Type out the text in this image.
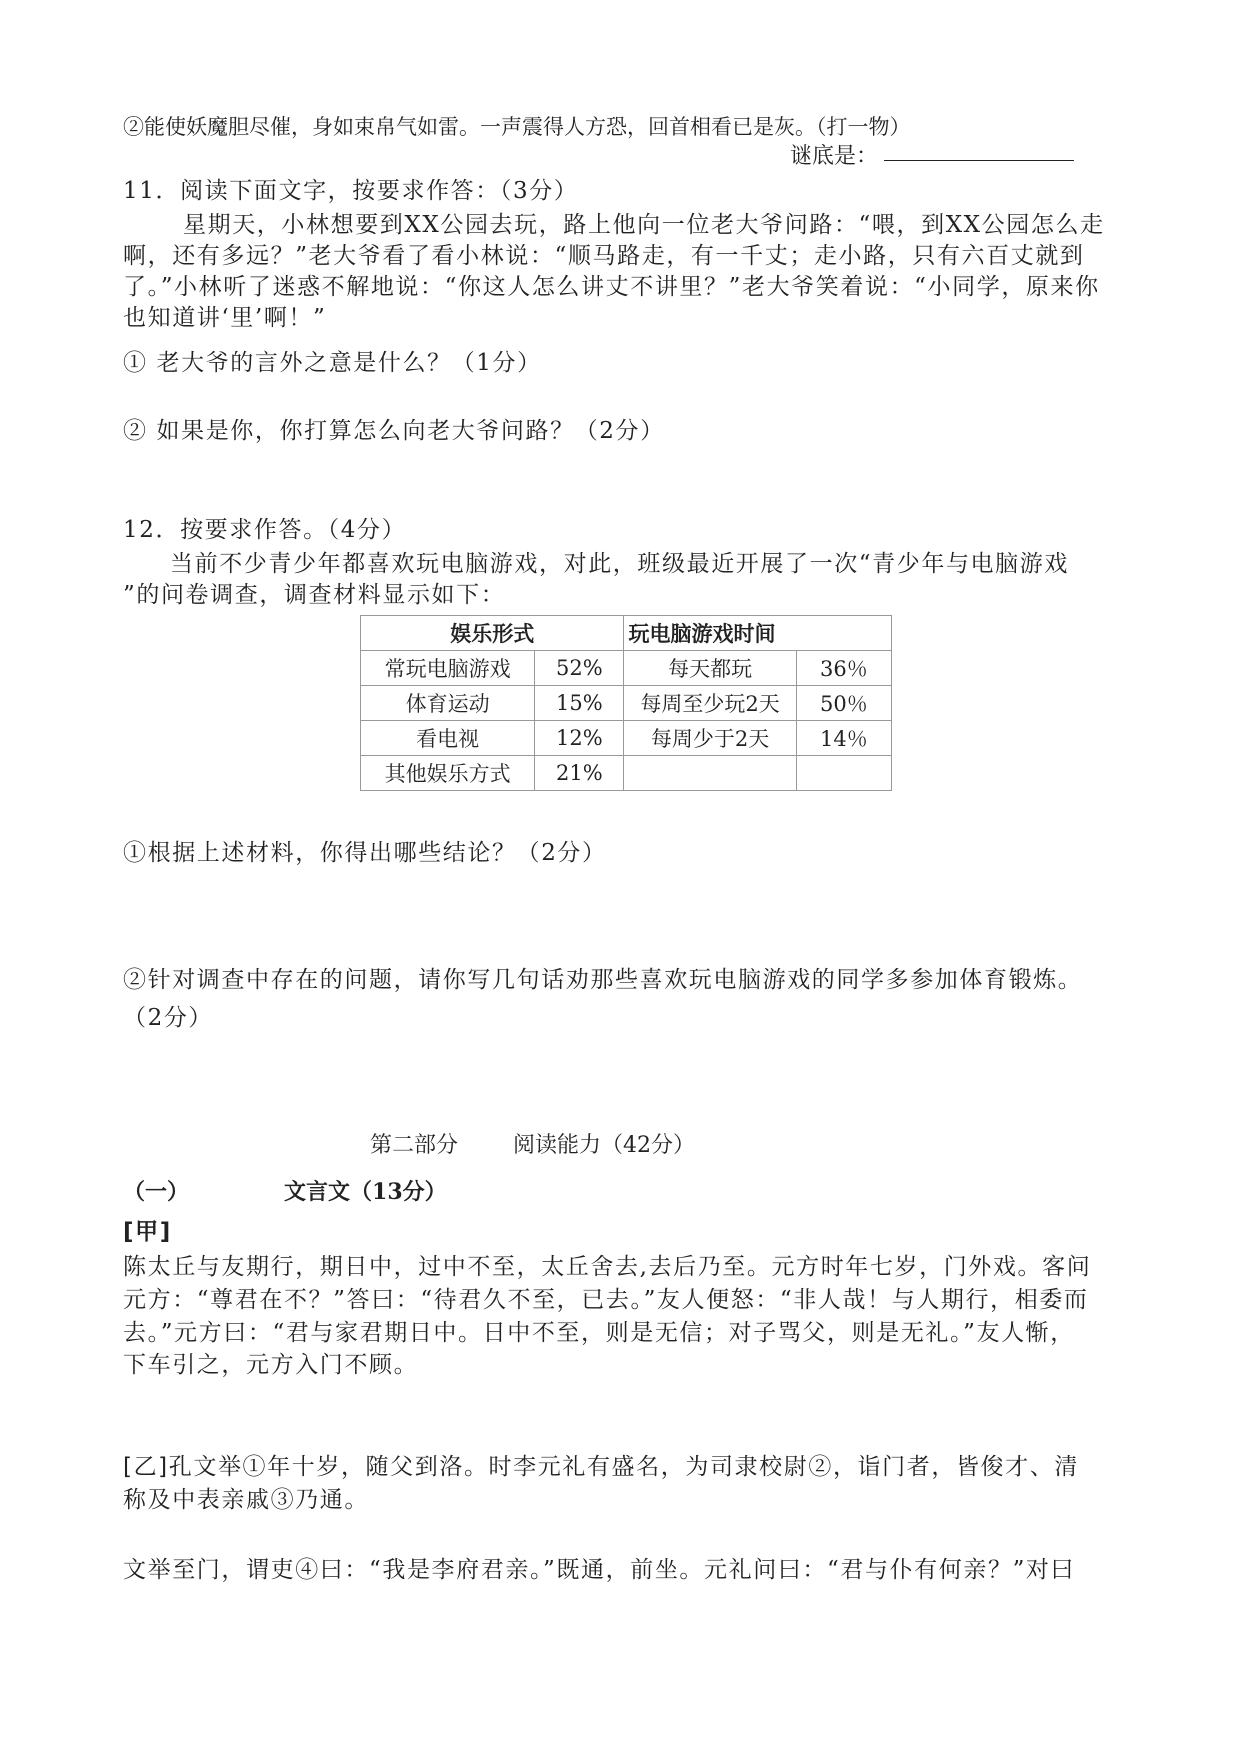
②能使妖魔胆尽催，身如束帛气如雷。一声震得人方恐，回首相看已是灰。（打一物）
谜底是：
11．阅读下面文字，按要求作答：（3分）
星期天，小林想要到XX公园去玩，路上他向一位老大爷问路：“喂，到XX公园怎么走
啊，还有多远？”老大爷看了看小林说：“顺马路走，有一千丈；走小路，只有六百丈就到
了。”小林听了迷惑不解地说：“你这人怎么讲丈不讲里？”老大爷笑着说：“小同学，原来你
也知道讲‘里’啊！”
① 老大爷的言外之意是什么？（1分）
② 如果是你，你打算怎么向老大爷问路？（2分）
12．按要求作答。（4分）
当前不少青少年都喜欢玩电脑游戏，对此，班级最近开展了一次“青少年与电脑游戏
”的问卷调查，调查材料显示如下：
娱乐形式		玩电脑游戏时间	
常玩电脑游戏	52%	每天都玩	36％
体育运动	15%	每周至少玩2天	50％
看电视	12%	每周少于2天	14％
其他娱乐方式	21%		
①根据上述材料，你得出哪些结论？（2分）
②针对调查中存在的问题，请你写几句话劝那些喜欢玩电脑游戏的同学多参加体育锻炼。
（2分）
第二部分	阅读能力（42分）
（一）	文言文（13分）
[甲]
陈太丘与友期行，期日中，过中不至，太丘舍去,去后乃至。元方时年七岁，门外戏。客问
元方：“尊君在不？”答曰：“待君久不至，已去。”友人便怒：“非人哉！与人期行，相委而
去。”元方曰：“君与家君期日中。日中不至，则是无信；对子骂父，则是无礼。”友人惭，
下车引之，元方入门不顾。
[乙]孔文举①年十岁，随父到洛。时李元礼有盛名，为司隶校尉②，诣门者，皆俊才、清
称及中表亲戚③乃通。
文举至门，谓吏④曰：“我是李府君亲。”既通，前坐。元礼问曰：“君与仆有何亲？”对曰
